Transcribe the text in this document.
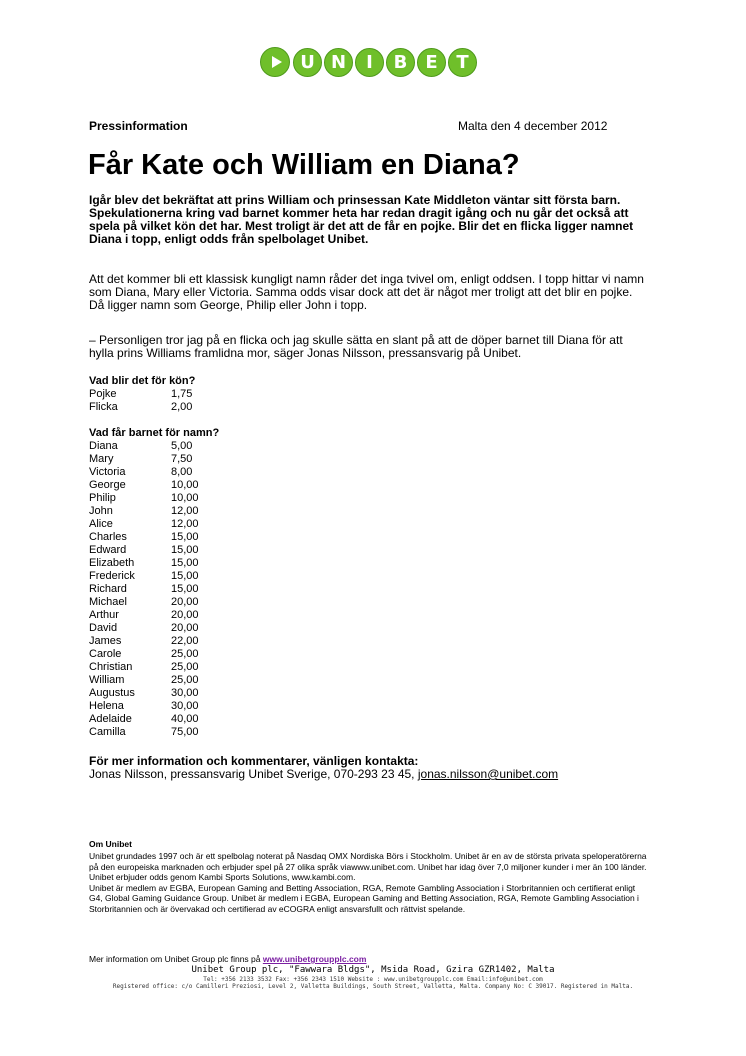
U N	I	B E	T
Pressinformation	Malta den 4 december 2012
Får Kate och William en Diana?

Igår blev det bekräftat att prins William och prinsessan Kate Middleton väntar sitt första barn. Spekulationerna kring vad barnet kommer heta har redan dragit igång och nu går det också att spela på vilket kön det har. Mest troligt är det att de får en pojke. Blir det en flicka ligger namnet Diana i topp, enligt odds från spelbolaget Unibet.

Att det kommer bli ett klassisk kungligt namn råder det inga tvivel om, enligt oddsen. I topp hittar vi namn som Diana, Mary eller Victoria. Samma odds visar dock att det är något mer troligt att det blir en pojke. Då ligger namn som George, Philip eller John i topp.

– Personligen tror jag på en flicka och jag skulle sätta en slant på att de döper barnet till Diana för att hylla prins Williams framlidna mor, säger Jonas Nilsson, pressansvarig på Unibet.

Vad blir det för kön?
Pojke	1,75
Flicka	2,00
Vad får barnet för namn?
Diana	5,00
Mary	7,50
Victoria	8,00
George	10,00
Philip	10,00
John	12,00
Alice	12,00
Charles	15,00
Edward	15,00
Elizabeth	15,00
Frederick	15,00
Richard	15,00
Michael	20,00
Arthur	20,00
David	20,00
James	22,00
Carole	25,00
Christian	25,00
William	25,00
Augustus	30,00
Helena	30,00
Adelaide	40,00
Camilla	75,00
För mer information och kommentarer, vänligen kontakta:
Jonas Nilsson, pressansvarig Unibet Sverige, 070-293 23 45, jonas.nilsson@unibet.com
Om Unibet

Unibet grundades 1997 och är ett spelbolag noterat på Nasdaq OMX Nordiska Börs i Stockholm. Unibet är en av de största privata speloperatörerna på den europeiska marknaden och erbjuder spel på 27 olika språk viawww.unibet.com. Unibet har idag över 7,0 miljoner kunder i mer än 100 länder. Unibet erbjuder odds genom Kambi Sports Solutions, www.kambi.com.

Unibet är medlem av EGBA, European Gaming and Betting Association, RGA, Remote Gambling Association i Storbritannien och certifierat enligt G4, Global Gaming Guidance Group. Unibet är medlem i EGBA, European Gaming and Betting Association, RGA, Remote Gambling Association i Storbritannien och är övervakad och certifierad av eCOGRA enligt ansvarsfullt och rättvist spelande.

Mer information om Unibet Group plc finns på www.unibetgroupplc.com
Unibet Group plc, "Fawwara Bldgs", Msida Road, Gzira GZR1402, Malta
Tel: +356 2133 3532 Fax: +356 2343 1510 Website : www.unibetgroupplc.com Email:info@unibet.com
Registered office: c/o Camilleri Preziosi, Level 2, Valletta Buildings, South Street, Valletta, Malta. Company No: C 39017. Registered in Malta.
